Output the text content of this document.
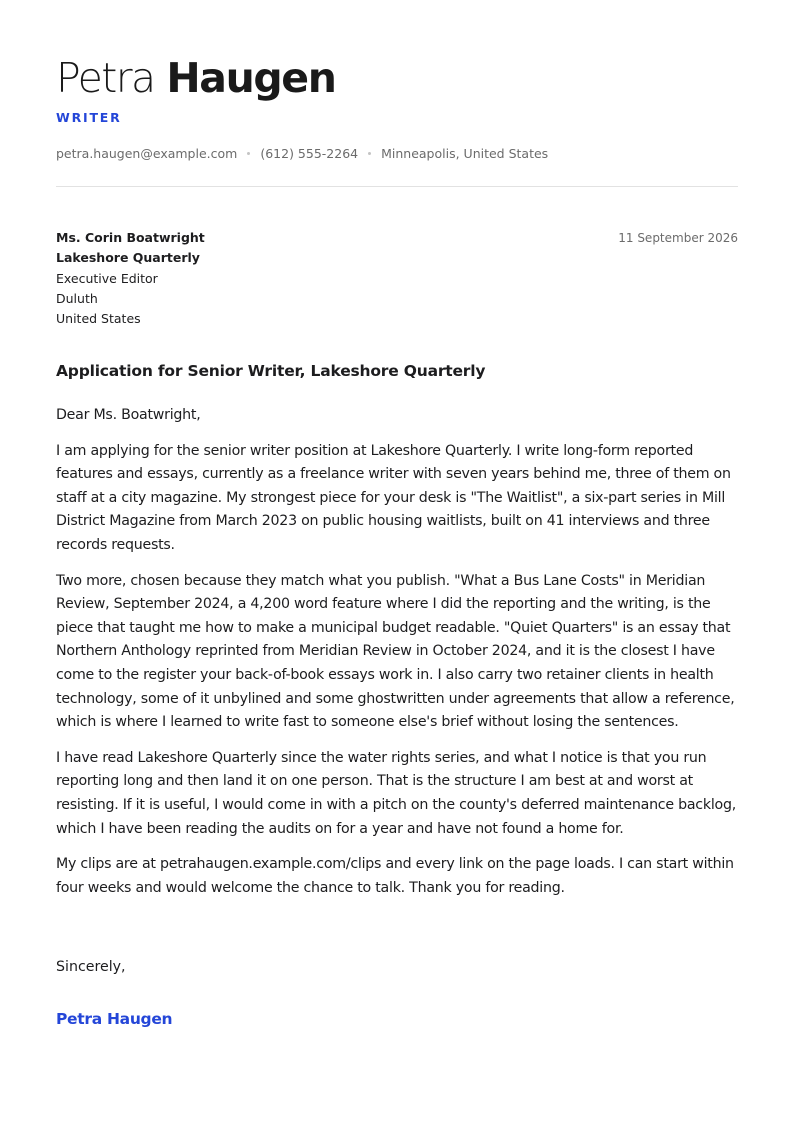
Petra Haugen
WRITER
petra.haugen@example.com (612) 555-2264 Minneapolis, United States
Ms. Corin Boatwright
Lakeshore Quarterly
Executive Editor
Duluth
United States
11 September 2026
Application for Senior Writer, Lakeshore Quarterly

Dear Ms. Boatwright,

I am applying for the senior writer position at Lakeshore Quarterly. I write long-form reported features and essays, currently as a freelance writer with seven years behind me, three of them on staff at a city magazine. My strongest piece for your desk is "The Waitlist", a six-part series in Mill District Magazine from March 2023 on public housing waitlists, built on 41 interviews and three records requests.

Two more, chosen because they match what you publish. "What a Bus Lane Costs" in Meridian Review, September 2024, a 4,200 word feature where I did the reporting and the writing, is the piece that taught me how to make a municipal budget readable. "Quiet Quarters" is an essay that Northern Anthology reprinted from Meridian Review in October 2024, and it is the closest I have come to the register your back-of-book essays work in. I also carry two retainer clients in health technology, some of it unbylined and some ghostwritten under agreements that allow a reference, which is where I learned to write fast to someone else's brief without losing the sentences.

I have read Lakeshore Quarterly since the water rights series, and what I notice is that you run reporting long and then land it on one person. That is the structure I am best at and worst at resisting. If it is useful, I would come in with a pitch on the county's deferred maintenance backlog, which I have been reading the audits on for a year and have not found a home for.

My clips are at petrahaugen.example.com/clips and every link on the page loads. I can start within four weeks and would welcome the chance to talk. Thank you for reading.

Sincerely,
Petra Haugen
